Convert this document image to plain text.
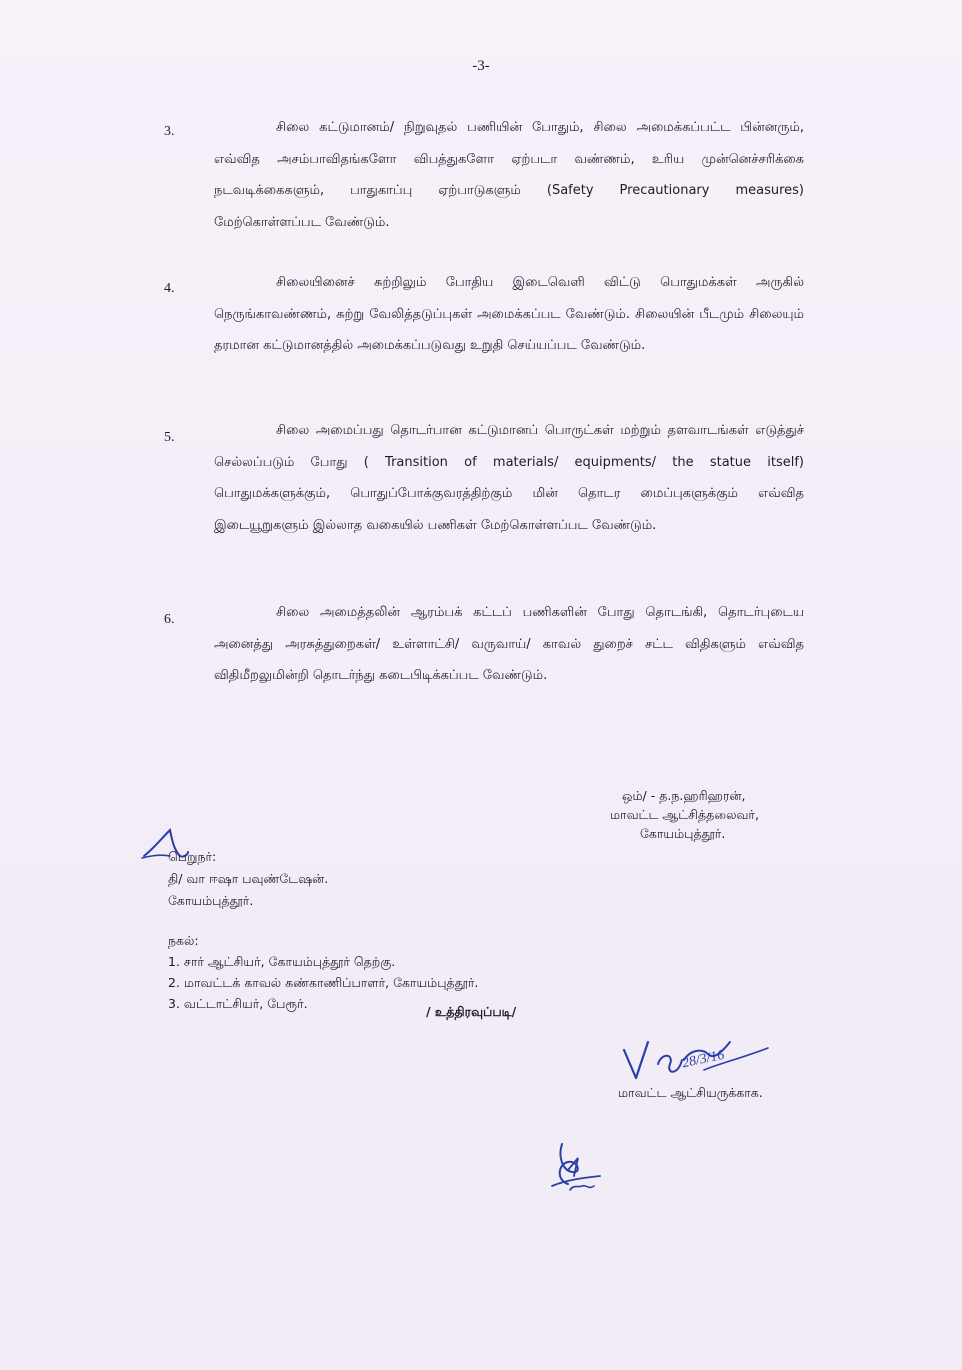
-3-
3.	சிலை கட்டுமானம்/ நிறுவுதல் பணியின் போதும், சிலை அமைக்கப்பட்ட பின்னரும், எவ்வித அசம்பாவிதங்களோ விபத்துகளோ ஏற்படா வண்ணம், உரிய முன்னெச்சரிக்கை நடவடிக்கைகளும், பாதுகாப்பு ஏற்பாடுகளும் (Safety Precautionary measures) மேற்கொள்ளப்பட வேண்டும்.
4.	சிலையினைச் சுற்றிலும் போதிய இடைவெளி விட்டு பொதுமக்கள் அருகில் நெருங்காவண்ணம், சுற்று வேலித்தடுப்புகள் அமைக்கப்பட வேண்டும். சிலையின் பீடமும் சிலையும் தரமான கட்டுமானத்தில் அமைக்கப்படுவது உறுதி செய்யப்பட வேண்டும்.
5.	சிலை அமைப்பது தொடர்பான கட்டுமானப் பொருட்கள் மற்றும் தளவாடங்கள் எடுத்துச் செல்லப்படும் போது ( Transition of materials/ equipments/ the statue itself) பொதுமக்களுக்கும், பொதுப்போக்குவரத்திற்கும் மின் தொடர மைப்புகளுக்கும் எவ்வித இடையூறுகளும் இல்லாத வகையில் பணிகள் மேற்கொள்ளப்பட வேண்டும்.
6.	சிலை அமைத்தலின் ஆரம்பக் கட்டப் பணிகளின் போது தொடங்கி, தொடர்புடைய அனைத்து அரசுத்துறைகள்/ உள்ளாட்சி/ வருவாய்/ காவல் துறைச் சட்ட விதிகளும் எவ்வித விதிமீறலுமின்றி தொடர்ந்து கடைபிடிக்கப்பட வேண்டும்.
ஒம்/ - த.ந.ஹரிஹரன்,
மாவட்ட ஆட்சித்தலைவர்,
கோயம்புத்தூர்.
பெறுநர்:
தி/ வா ஈஷா பவுண்டேஷன்.
கோயம்புத்தூர்.
நகல்:
1. சார் ஆட்சியர், கோயம்புத்தூர் தெற்கு.
2. மாவட்டக் காவல் கண்காணிப்பாளர், கோயம்புத்தூர்.
3. வட்டாட்சியர், பேரூர்.
/ உத்திரவுப்படி/
28/3/16
மாவட்ட ஆட்சியருக்காக.
